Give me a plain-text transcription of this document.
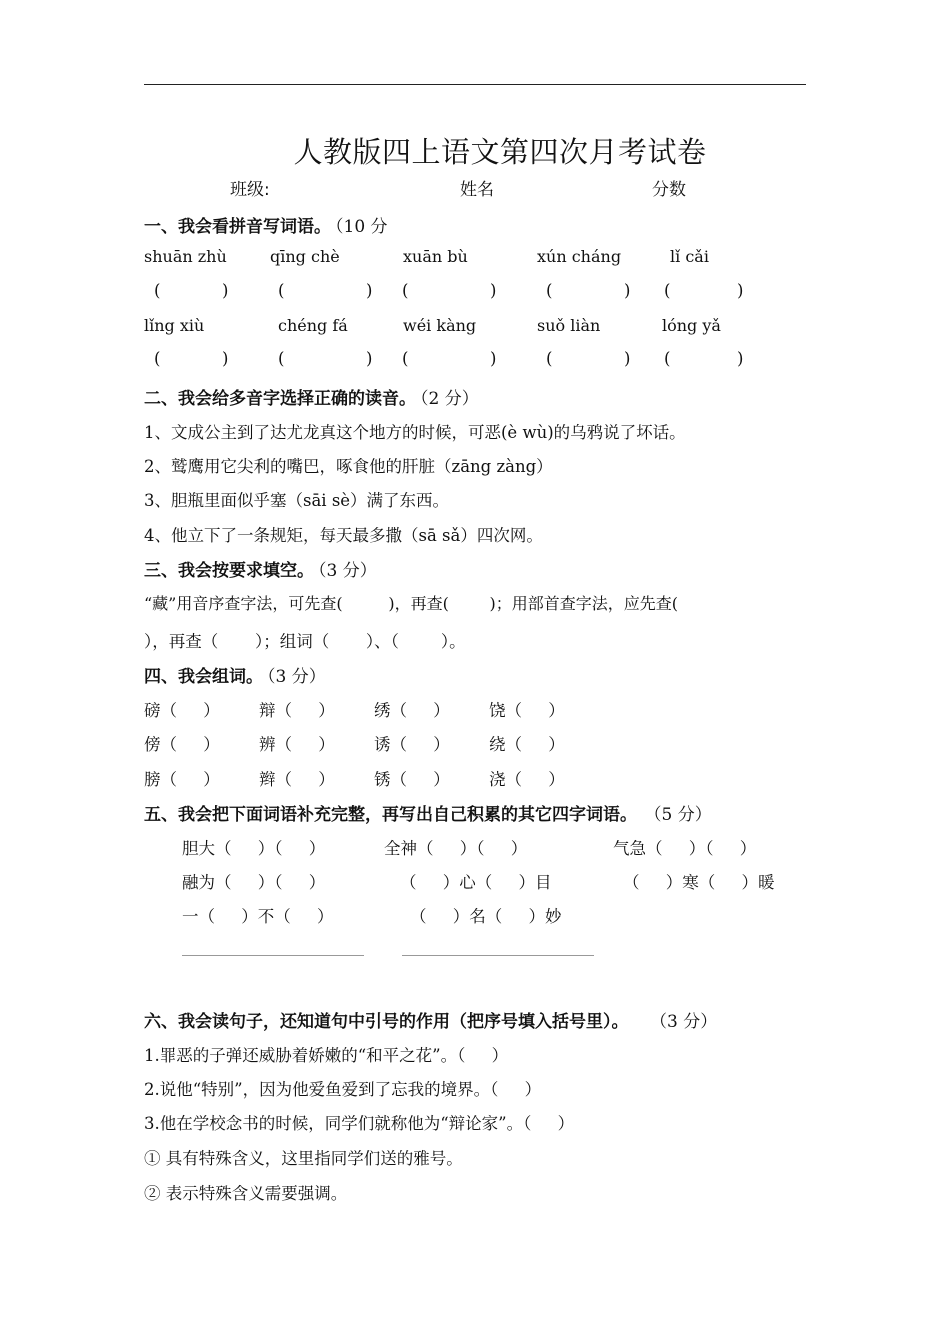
人教版四上语文第四次月考试卷
班级:	姓名	分数
一、我会看拼音写词语。 （10 分
shuān zhù	qīng chè	xuān bù	xún cháng	lǐ cǎi
(	)	(	) (	)	(	) (	)
lǐng xiù	chéng fá	wéi kàng	suǒ liàn	lóng yǎ
(	)	(	) (	)	(	) (	)
二、我会给多音字选择正确的读音。 （2 分）
1、文成公主到了达尤龙真这个地方的时候，可恶(è wù)的乌鸦说了坏话。
2、鹫鹰用它尖利的嘴巴，啄食他的肝脏（zāng zàng）
3、胆瓶里面似乎塞（sāi sè）满了东西。
4、他立下了一条规矩，每天最多撒（sā sǎ）四次网。
三、我会按要求填空。 （3 分）
“藏”用音序查字法，可先查(         )，再查(        )；用部首查字法，应先查(
），再查（       ）；组词（       ）、（        ）。
四、我会组词。 （3 分）
磅（     ） 辩（     ） 绣（     ） 饶（     ）
傍（     ） 辨（     ） 诱（     ） 绕（     ）
膀（     ） 辫（     ） 锈（     ） 浇（     ）
五、我会把下面词语补充完整，再写出自己积累的其它四字词语。 （5 分）
胆大（     ）（     ）	全神（     ）（     ）	气急（     ）（     ）
融为（     ）（     ）	（     ）心（     ）目	（     ）寒（     ）暖
一（     ）不（     ）	（     ）名（     ）妙
六、我会读句子，还知道句中引号的作用（把序号填入括号里）。 （3 分）
1.罪恶的子弹还威胁着娇嫩的“和平之花”。（     ）
2.说他“特别”，因为他爱鱼爱到了忘我的境界。（     ）
3.他在学校念书的时候，同学们就称他为“辩论家”。（     ）
① 具有特殊含义，这里指同学们送的雅号。
② 表示特殊含义需要强调。
